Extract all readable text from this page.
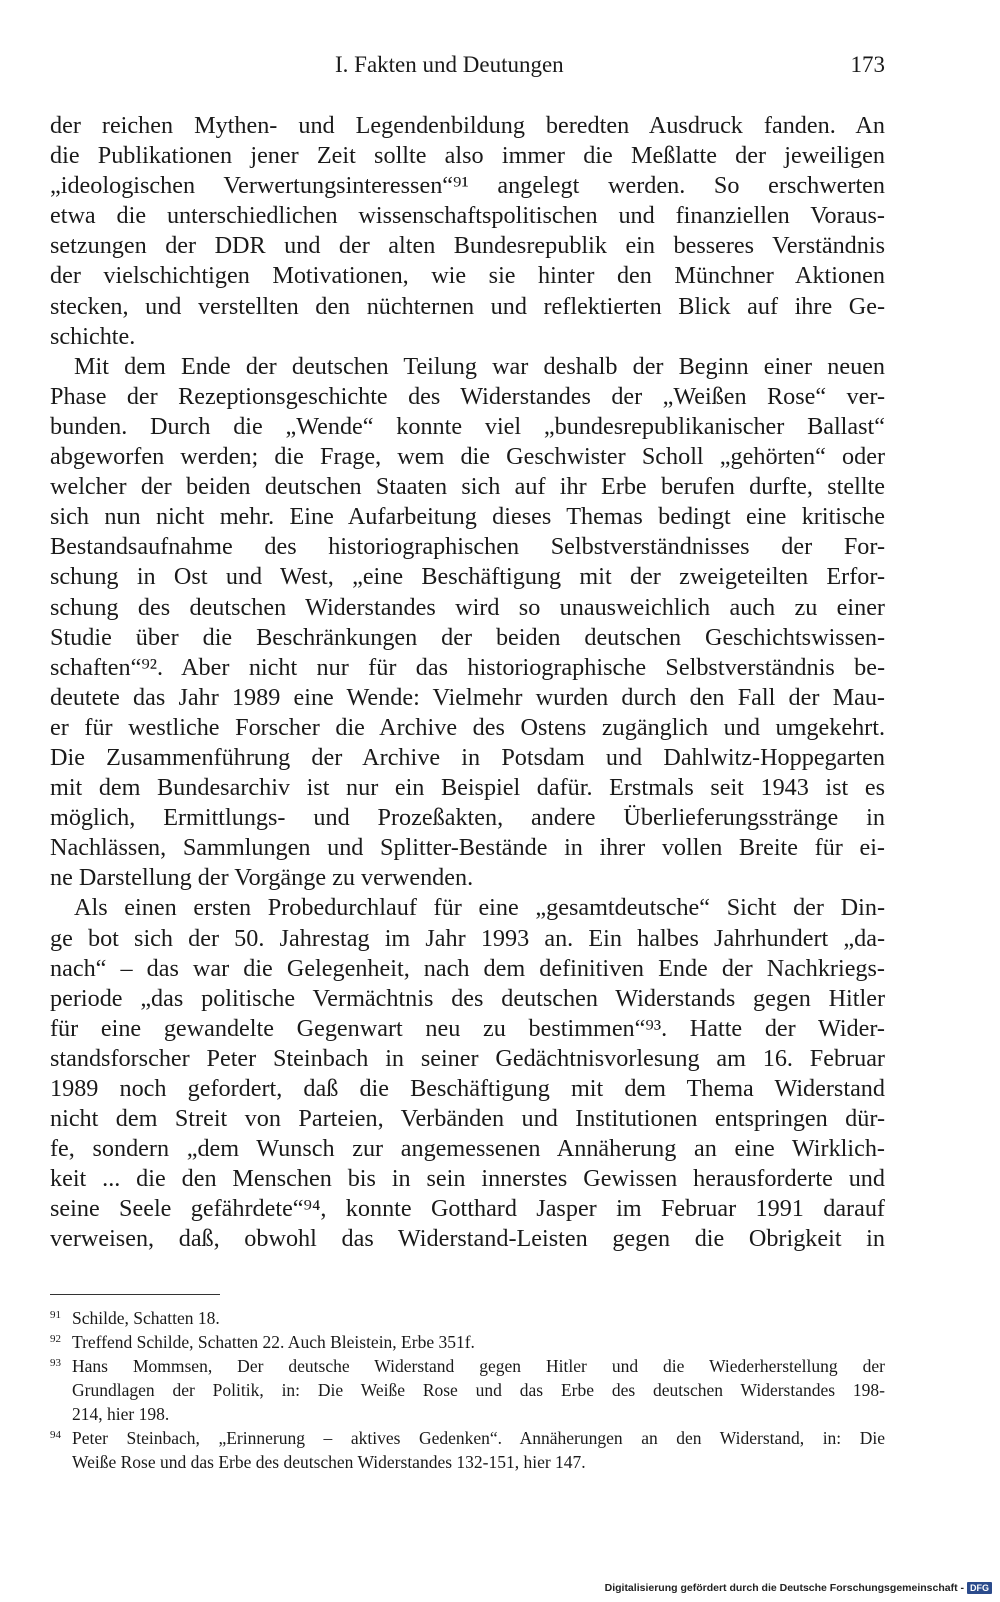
I. Fakten und Deutungen	173
der reichen Mythen- und Legendenbildung beredten Ausdruck fanden. An
die Publikationen jener Zeit sollte also immer die Meßlatte der jeweiligen
„ideologischen Verwertungsinteressen“⁹¹ angelegt werden. So erschwerten
etwa die unterschiedlichen wissenschaftspolitischen und finanziellen Voraus-
setzungen der DDR und der alten Bundesrepublik ein besseres Verständnis
der vielschichtigen Motivationen, wie sie hinter den Münchner Aktionen
stecken, und verstellten den nüchternen und reflektierten Blick auf ihre Ge-
schichte.
Mit dem Ende der deutschen Teilung war deshalb der Beginn einer neuen
Phase der Rezeptionsgeschichte des Widerstandes der „Weißen Rose“ ver-
bunden. Durch die „Wende“ konnte viel „bundesrepublikanischer Ballast“
abgeworfen werden; die Frage, wem die Geschwister Scholl „gehörten“ oder
welcher der beiden deutschen Staaten sich auf ihr Erbe berufen durfte, stellte
sich nun nicht mehr. Eine Aufarbeitung dieses Themas bedingt eine kritische
Bestandsaufnahme des historiographischen Selbstverständnisses der For-
schung in Ost und West, „eine Beschäftigung mit der zweigeteilten Erfor-
schung des deutschen Widerstandes wird so unausweichlich auch zu einer
Studie über die Beschränkungen der beiden deutschen Geschichtswissen-
schaften“⁹². Aber nicht nur für das historiographische Selbstverständnis be-
deutete das Jahr 1989 eine Wende: Vielmehr wurden durch den Fall der Mau-
er für westliche Forscher die Archive des Ostens zugänglich und umgekehrt.
Die Zusammenführung der Archive in Potsdam und Dahlwitz-Hoppegarten
mit dem Bundesarchiv ist nur ein Beispiel dafür. Erstmals seit 1943 ist es
möglich, Ermittlungs- und Prozeßakten, andere Überlieferungsstränge in
Nachlässen, Sammlungen und Splitter-Bestände in ihrer vollen Breite für ei-
ne Darstellung der Vorgänge zu verwenden.
Als einen ersten Probedurchlauf für eine „gesamtdeutsche“ Sicht der Din-
ge bot sich der 50. Jahrestag im Jahr 1993 an. Ein halbes Jahrhundert „da-
nach“ – das war die Gelegenheit, nach dem definitiven Ende der Nachkriegs-
periode „das politische Vermächtnis des deutschen Widerstands gegen Hitler
für eine gewandelte Gegenwart neu zu bestimmen“⁹³. Hatte der Wider-
standsforscher Peter Steinbach in seiner Gedächtnisvorlesung am 16. Februar
1989 noch gefordert, daß die Beschäftigung mit dem Thema Widerstand
nicht dem Streit von Parteien, Verbänden und Institutionen entspringen dür-
fe, sondern „dem Wunsch zur angemessenen Annäherung an eine Wirklich-
keit ... die den Menschen bis in sein innerstes Gewissen herausforderte und
seine Seele gefährdete“⁹⁴, konnte Gotthard Jasper im Februar 1991 darauf
verweisen, daß, obwohl das Widerstand-Leisten gegen die Obrigkeit in
91 Schilde, Schatten 18.
92 Treffend Schilde, Schatten 22. Auch Bleistein, Erbe 351f.
93 Hans Mommsen, Der deutsche Widerstand gegen Hitler und die Wiederherstellung der
Grundlagen der Politik, in: Die Weiße Rose und das Erbe des deutschen Widerstandes 198-
214, hier 198.
94 Peter Steinbach, „Erinnerung – aktives Gedenken“. Annäherungen an den Widerstand, in: Die
Weiße Rose und das Erbe des deutschen Widerstandes 132-151, hier 147.
Digitalisierung gefördert durch die Deutsche Forschungsgemeinschaft - DFG
